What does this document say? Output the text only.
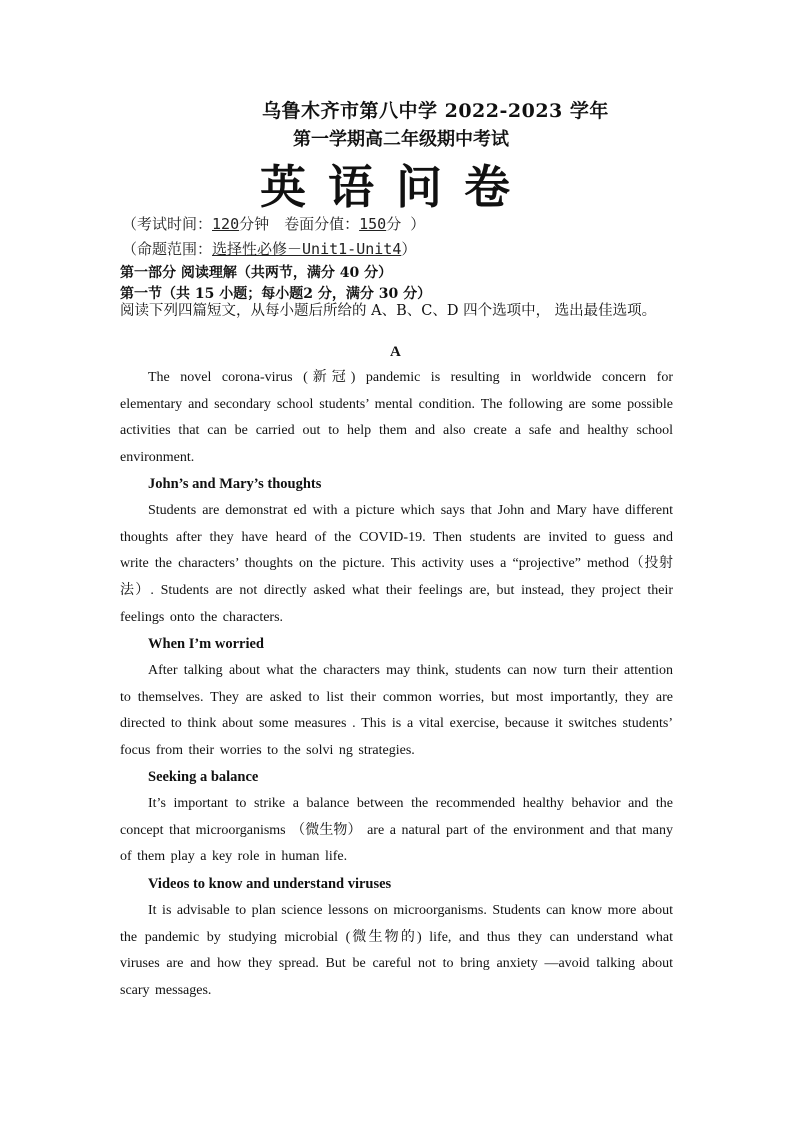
乌鲁木齐市第八中学 2022-2023 学年
第一学期高二年级期中考试
英语问卷
（考试时间：120分钟　卷面分值：150分 ）
（命题范围：选择性必修－Unit1-Unit4）
第一部分 阅读理解（共两节，满分 40 分）
第一节（共 15 小题；每小题2 分，满分 30 分）
阅读下列四篇短文，从每小题后所给的 A、B、C、D 四个选项中， 选出最佳选项。
A
The novel corona-virus (新冠) pandemic is resulting in worldwide concern for elementary and secondary school students’ mental condition. The following are some possible activities that can be carried out to help them and also create a safe and healthy school environment.
John’s and Mary’s thoughts
Students are demonstrat ed with a picture which says that John and Mary have different thoughts after they have heard of the COVID-19. Then students are invited to guess and write the characters’ thoughts on the picture. This activity uses a “projective” method（投射法）. Students are not directly asked what their feelings are, but instead, they project their feelings onto the characters.
When I’m worried
After talking about what the characters may think, students can now turn their attention to themselves. They are asked to list their common worries, but most importantly, they are directed to think about some measures . This is a vital exercise, because it switches students’ focus from their worries to the solvi ng strategies.
Seeking a balance
It’s important to strike a balance between the recommended healthy behavior and the concept that microorganisms （微生物） are a natural part of the environment and that many of them play a key role in human life.
Videos to know and understand viruses
It is advisable to plan science lessons on microorganisms. Students can know more about the pandemic by studying microbial (微生物的) life, and thus they can understand what viruses are and how they spread. But be careful not to bring anxiety —avoid talking about scary messages.
